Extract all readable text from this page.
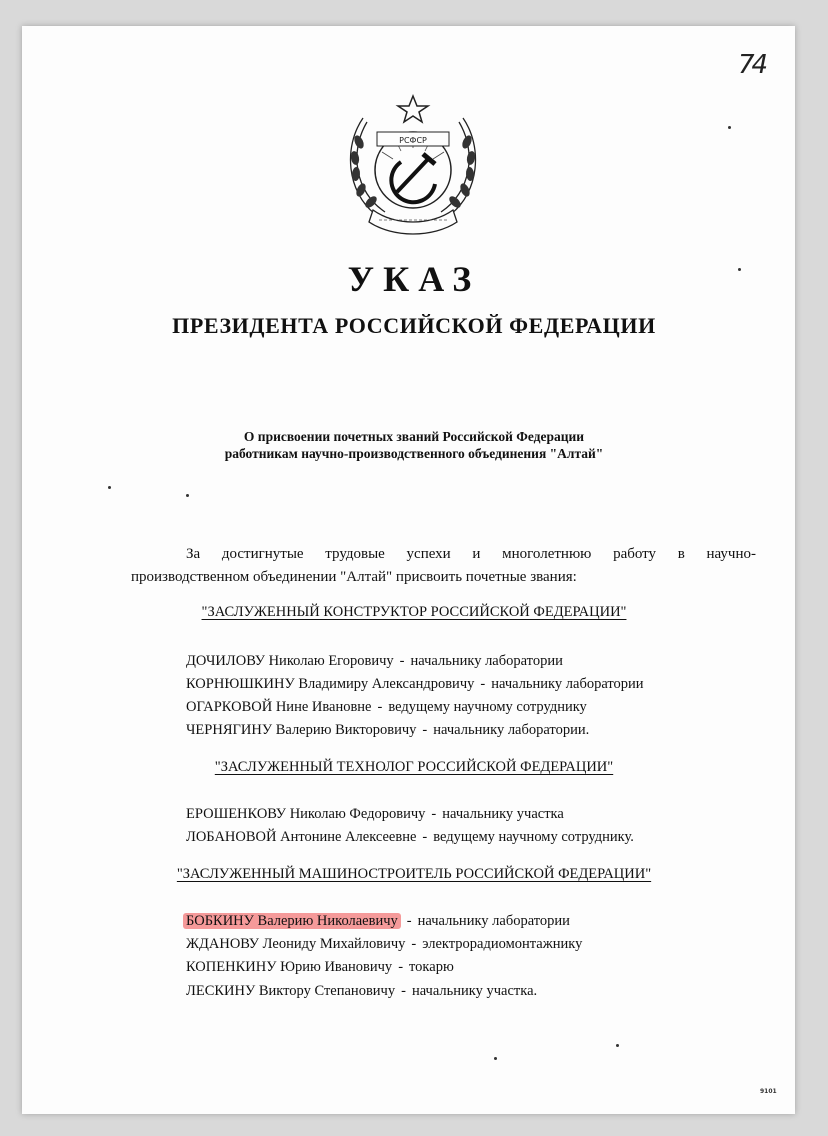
74
РСФСР
УКАЗ
ПРЕЗИДЕНТА РОССИЙСКОЙ ФЕДЕРАЦИИ
О присвоении почетных званий Российской Федерации
работникам научно-производственного объединения "Алтай"
За достигнутые трудовые успехи и многолетнюю работу в научно-
производственном объединении "Алтай" присвоить почетные звания:
"ЗАСЛУЖЕННЫЙ КОНСТРУКТОР РОССИЙСКОЙ ФЕДЕРАЦИИ"
ДОЧИЛОВУ Николаю Егоровичу - начальнику лаборатории
КОРНЮШКИНУ Владимиру Александровичу - начальнику лаборатории
ОГАРКОВОЙ Нине Ивановне - ведущему научному сотруднику
ЧЕРНЯГИНУ Валерию Викторовичу - начальнику лаборатории.
"ЗАСЛУЖЕННЫЙ ТЕХНОЛОГ РОССИЙСКОЙ ФЕДЕРАЦИИ"
ЕРОШЕНКОВУ Николаю Федоровичу - начальнику участка
ЛОБАНОВОЙ Антонине Алексеевне - ведущему научному сотруднику.
"ЗАСЛУЖЕННЫЙ МАШИНОСТРОИТЕЛЬ РОССИЙСКОЙ ФЕДЕРАЦИИ"
БОБКИНУ Валерию Николаевичу - начальнику лаборатории
ЖДАНОВУ Леониду Михайловичу - электрорадиомонтажнику
КОПЕНКИНУ Юрию Ивановичу - токарю
ЛЕСКИНУ Виктору Степановичу - начальнику участка.
9101
